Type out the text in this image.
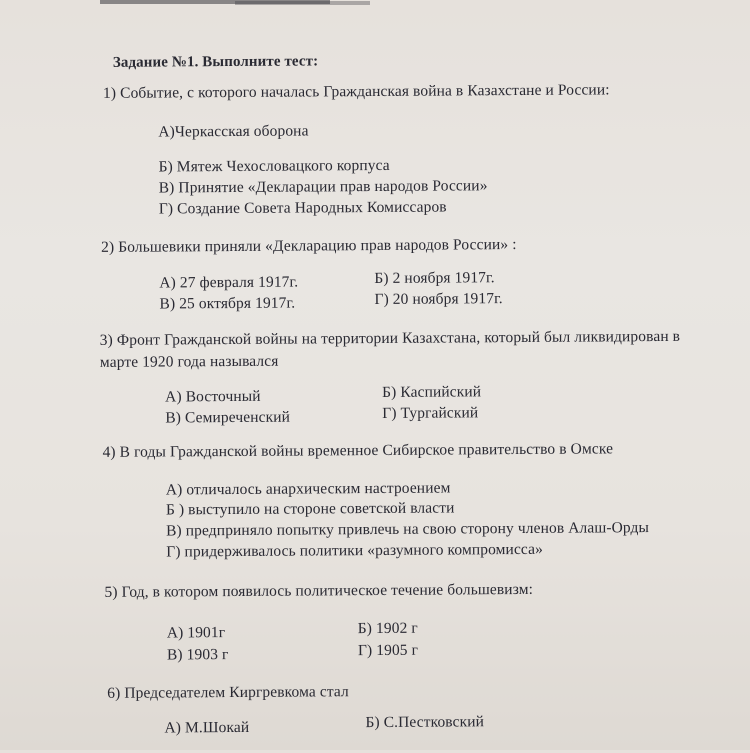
Задание №1. Выполните тест:
1) Событие, с которого началась Гражданская война в Казахстане и России:
А)Черкасская оборона
Б) Мятеж Чехословацкого корпуса
В) Принятие «Декларации прав народов России»
Г) Создание Совета Народных Комиссаров
2) Большевики приняли «Декларацию прав народов России» :
А) 27 февраля 1917г.	Б) 2 ноября 1917г.
В) 25 октября 1917г.	Г) 20 ноября 1917г.
3) Фронт Гражданской войны на территории Казахстана, который был ликвидирован в
марте 1920 года назывался
А) Восточный	Б) Каспийский
В) Семиреченский	Г) Тургайский
4) В годы Гражданской войны временное Сибирское правительство в Омске
А) отличалось анархическим настроением
Б ) выступило на стороне советской власти
В) предприняло попытку привлечь на свою сторону членов Алаш-Орды
Г) придерживалось политики «разумного компромисса»
5) Год, в котором появилось политическое течение большевизм:
А) 1901г	Б) 1902 г
В) 1903 г	Г) 1905 г
6) Председателем Киргревкома стал
А) М.Шокай	Б) С.Пестковский
